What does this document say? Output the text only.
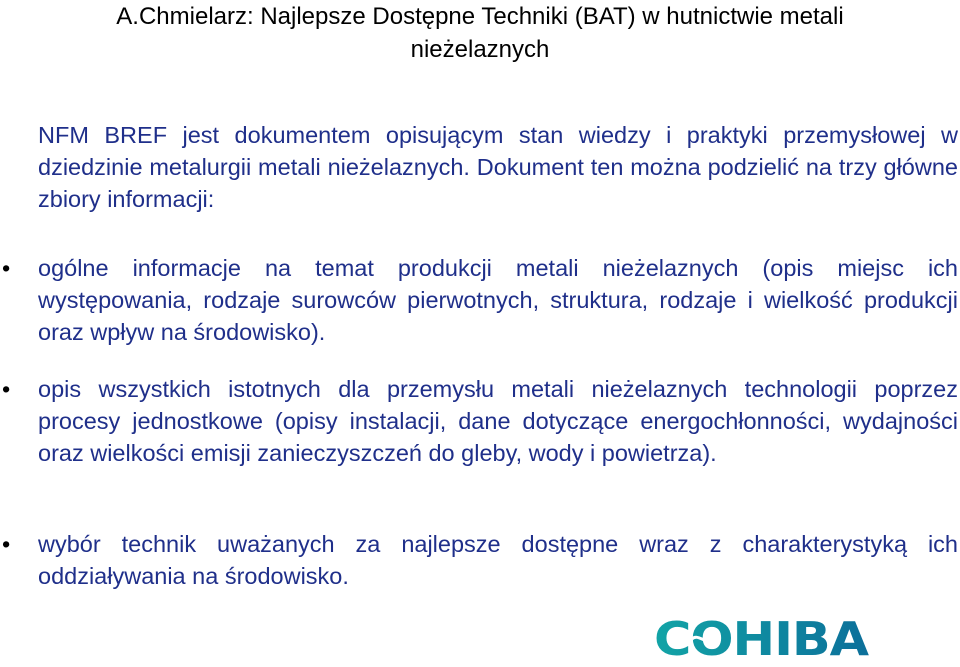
A.Chmielarz: Najlepsze Dostępne Techniki (BAT) w hutnictwie metali
nieżelaznych

NFM BREF jest dokumentem opisującym stan wiedzy i praktyki przemysłowej w dziedzinie metalurgii metali nieżelaznych. Dokument ten można podzielić na trzy główne zbiory informacji:

•	ogólne informacje na temat produkcji metali nieżelaznych (opis miejsc ich występowania, rodzaje surowców pierwotnych, struktura, rodzaje i wielkość produkcji oraz wpływ na środowisko).

•	opis wszystkich istotnych dla przemysłu metali nieżelaznych technologii poprzez procesy jednostkowe (opisy instalacji, dane dotyczące energochłonności, wydajności oraz wielkości emisji zanieczyszczeń do gleby, wody i powietrza).

•	wybór technik uważanych za najlepsze dostępne wraz z charakterystyką ich oddziaływania na środowisko.

COHIBA
